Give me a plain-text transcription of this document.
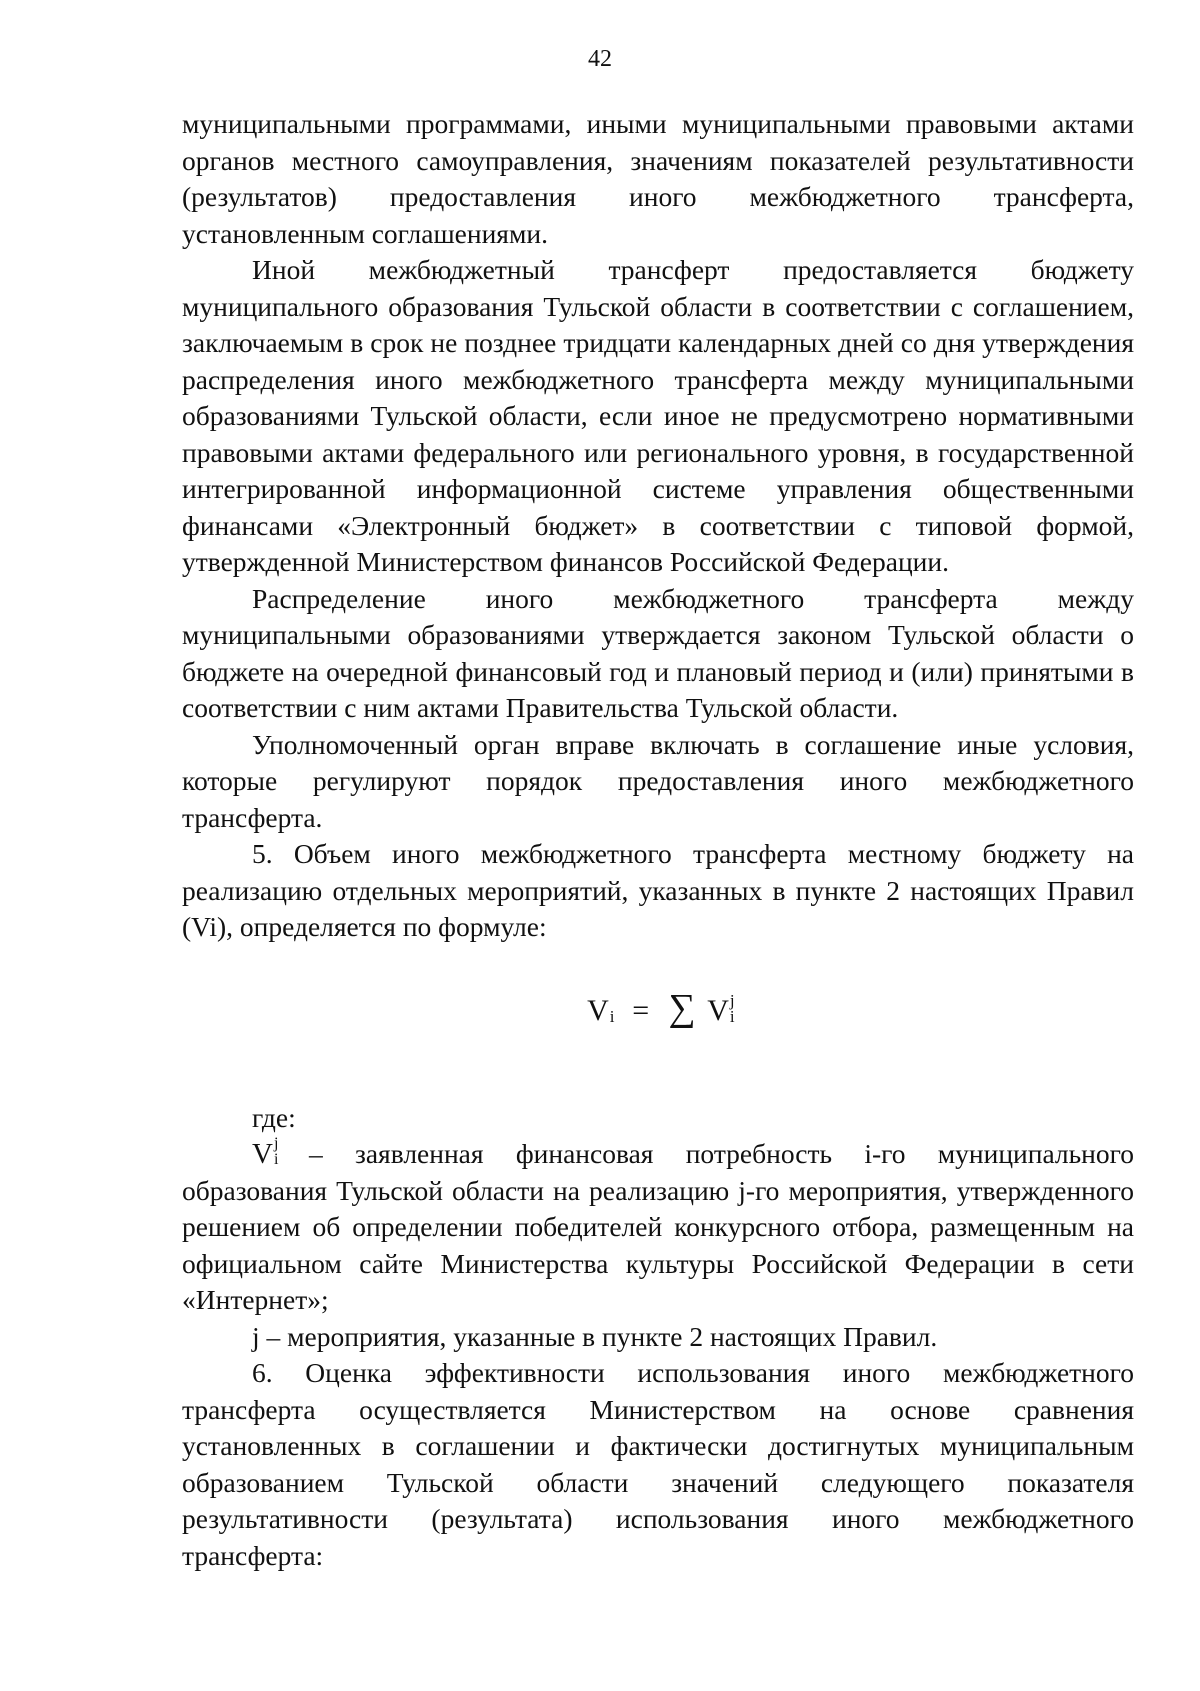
42

муниципальными программами, иными муниципальными правовыми актами органов местного самоуправления, значениям показателей результативности (результатов) предоставления иного межбюджетного трансферта, установленным соглашениями.

Иной межбюджетный трансферт предоставляется бюджету муниципального образования Тульской области в соответствии с соглашением, заключаемым в срок не позднее тридцати календарных дней со дня утверждения распределения иного межбюджетного трансферта между муниципальными образованиями Тульской области, если иное не предусмотрено нормативными правовыми актами федерального или регионального уровня, в государственной интегрированной информационной системе управления общественными финансами «Электронный бюджет» в соответствии с типовой формой, утвержденной Министерством финансов Российской Федерации.

Распределение иного межбюджетного трансферта между муниципальными образованиями утверждается законом Тульской области о бюджете на очередной финансовый год и плановый период и (или) принятыми в соответствии с ним актами Правительства Тульской области.

Уполномоченный орган вправе включать в соглашение иные условия, которые регулируют порядок предоставления иного межбюджетного трансферта.

5. Объем иного межбюджетного трансферта местному бюджету на реализацию отдельных мероприятий, указанных в пункте 2 настоящих Правил (Vi), определяется по формуле:

V i = ∑ V j
i

где:

V j
i – заявленная финансовая потребность i-го муниципального образования Тульской области на реализацию j-го мероприятия, утвержденного решением об определении победителей конкурсного отбора, размещенным на официальном сайте Министерства культуры Российской Федерации в сети «Интернет»;

j – мероприятия, указанные в пункте 2 настоящих Правил.

6. Оценка эффективности использования иного межбюджетного трансферта осуществляется Министерством на основе сравнения установленных в соглашении и фактически достигнутых муниципальным образованием Тульской области значений следующего показателя результативности (результата) использования иного межбюджетного трансферта:
